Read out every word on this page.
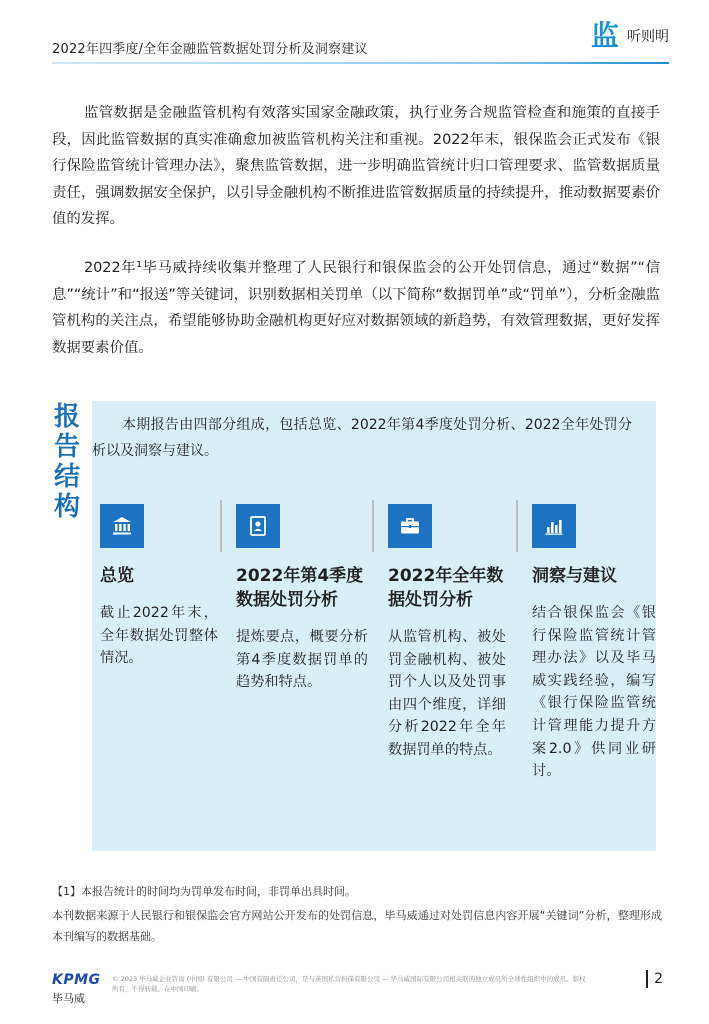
2022年四季度/全年金融监管数据处罚分析及洞察建议	监 听则明

监管数据是金融监管机构有效落实国家金融政策，执行业务合规监管检查和施策的直接手段，因此监管数据的真实准确愈加被监管机构关注和重视。2022年末，银保监会正式发布《银行保险监管统计管理办法》，聚焦监管数据，进一步明确监管统计归口管理要求、监管数据质量责任，强调数据安全保护，以引导金融机构不断推进监管数据质量的持续提升，推动数据要素价值的发挥。

2022年¹毕马威持续收集并整理了人民银行和银保监会的公开处罚信息，通过“数据”“信息”“统计”和“报送”等关键词，识别数据相关罚单（以下简称“数据罚单”或“罚单”），分析金融监管机构的关注点，希望能够协助金融机构更好应对数据领域的新趋势，有效管理数据，更好发挥数据要素价值。

报
告
结
构

本期报告由四部分组成，包括总览、2022年第4季度处罚分析、2022全年处罚分析以及洞察与建议。

总览
截止2022年末，全年数据处罚整体情况。
2022年第4季度数据处罚分析
提炼要点，概要分析第4季度数据罚单的趋势和特点。
2022年全年数据处罚分析
从监管机构、被处罚金融机构、被处罚个人以及处罚事由四个维度，详细分析2022年全年数据罚单的特点。
洞察与建议
结合银保监会《银行保险监管统计管理办法》以及毕马威实践经验，编写《银行保险监管统计管理能力提升方案2.0》供同业研讨。
【1】本报告统计的时间均为罚单发布时间，非罚单出具时间。
本刊数据来源于人民银行和银保监会官方网站公开发布的处罚信息，毕马威通过对处罚信息内容开展“关键词”分析，整理形成本刊编写的数据基础。
KPMG
毕马威
© 2023 毕马威企业咨询 (中国) 有限公司 — 中国有限责任公司，是与英国私营担保有限公司 — 毕马威国际有限公司相关联的独立成员所全球性组织中的成员。版权所有，不得转载。在中国印刷。
2
